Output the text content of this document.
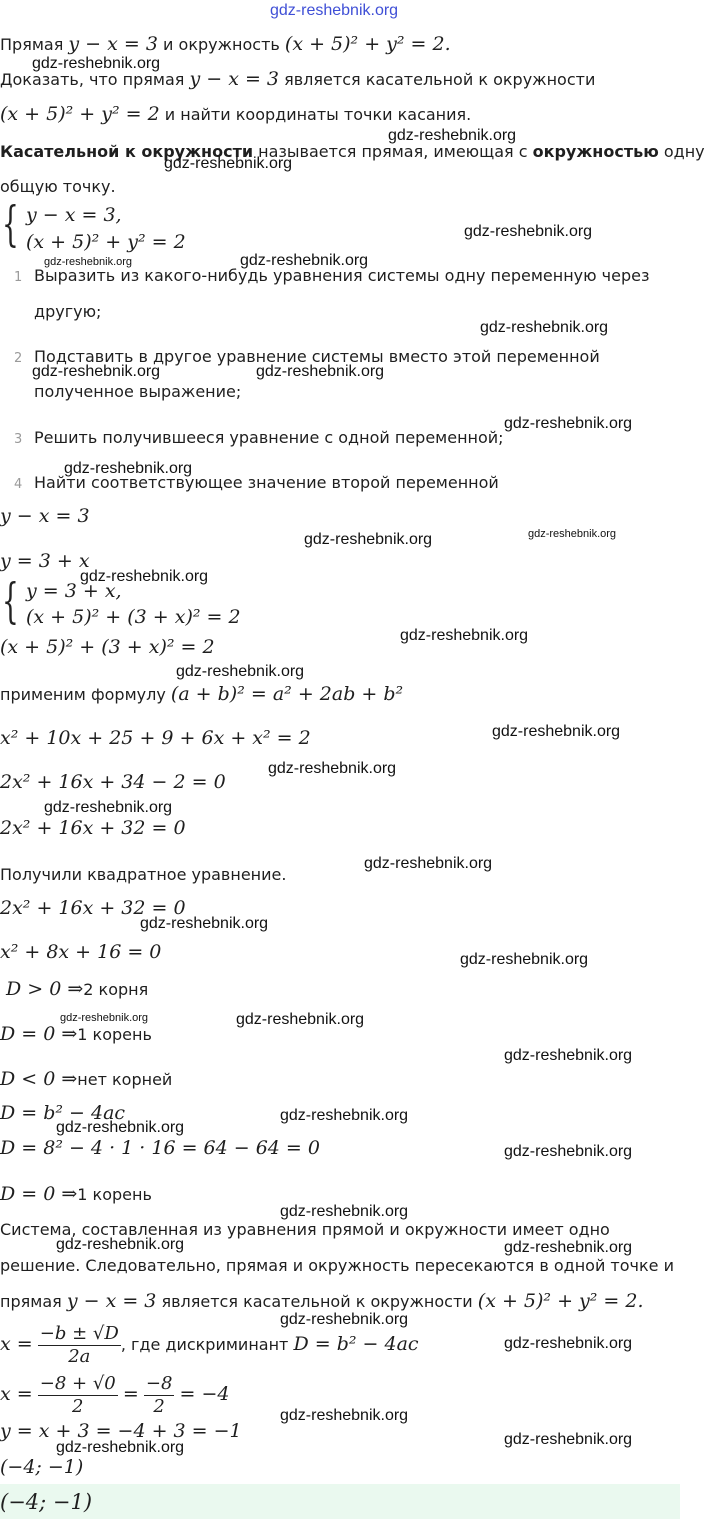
gdz-reshebnik.org
Прямая y − x = 3 и окружность (x + 5)² + y² = 2.
gdz-reshebnik.org
Доказать, что прямая y − x = 3 является касательной к окружности
(x + 5)² + y² = 2 и найти координаты точки касания.
gdz-reshebnik.org
Касательной к окружности называется прямая, имеющая с окружностью одну
gdz-reshebnik.org
общую точку.
{ y − x = 3,
(x + 5)² + y² = 2	gdz-reshebnik.org
gdz-reshebnik.org	gdz-reshebnik.org
1 Выразить из какого-нибудь уравнения системы одну переменную через
другую;
gdz-reshebnik.org
2 Подставить в другое уравнение системы вместо этой переменной
gdz-reshebnik.org	gdz-reshebnik.org
полученное выражение;
gdz-reshebnik.org
3 Решить получившееся уравнение с одной переменной;
gdz-reshebnik.org
4 Найти соответствующее значение второй переменной
y − x = 3
gdz-reshebnik.org	gdz-reshebnik.org
y = 3 + x
gdz-reshebnik.org
{ y = 3 + x,
(x + 5)² + (3 + x)² = 2
(x + 5)² + (3 + x)² = 2
gdz-reshebnik.org
gdz-reshebnik.org
применим формулу (a + b)² = a² + 2ab + b²
x² + 10x + 25 + 9 + 6x + x² = 2	gdz-reshebnik.org
gdz-reshebnik.org
2x² + 16x + 34 − 2 = 0
gdz-reshebnik.org
2x² + 16x + 32 = 0
Получили квадратное уравнение.
gdz-reshebnik.org
2x² + 16x + 32 = 0
gdz-reshebnik.org
x² + 8x + 16 = 0	gdz-reshebnik.org
D > 0 ⇒2 корня
gdz-reshebnik.org	gdz-reshebnik.org
D = 0 ⇒1 корень
gdz-reshebnik.org
D < 0 ⇒нет корней
D = b² − 4ac	gdz-reshebnik.org
gdz-reshebnik.org
D = 8² − 4 · 1 · 16 = 64 − 64 = 0	gdz-reshebnik.org
D = 0 ⇒1 корень
gdz-reshebnik.org
Система, составленная из уравнения прямой и окружности имеет одно
gdz-reshebnik.org	gdz-reshebnik.org
решение. Следовательно, прямая и окружность пересекаются в одной точке и
прямая y − x = 3 является касательной к окружности (x + 5)² + y² = 2.
gdz-reshebnik.org
$x = \frac{-b \pm √D}{2a}$ , где дискриминант D = b² − 4ac	gdz-reshebnik.org
$x = \frac{-8 + √0}{2} = \frac{-8}{2} = -4$
gdz-reshebnik.org
y = x + 3 = −4 + 3 = −1
gdz-reshebnik.org	gdz-reshebnik.org
(−4; −1)
(−4; −1)
